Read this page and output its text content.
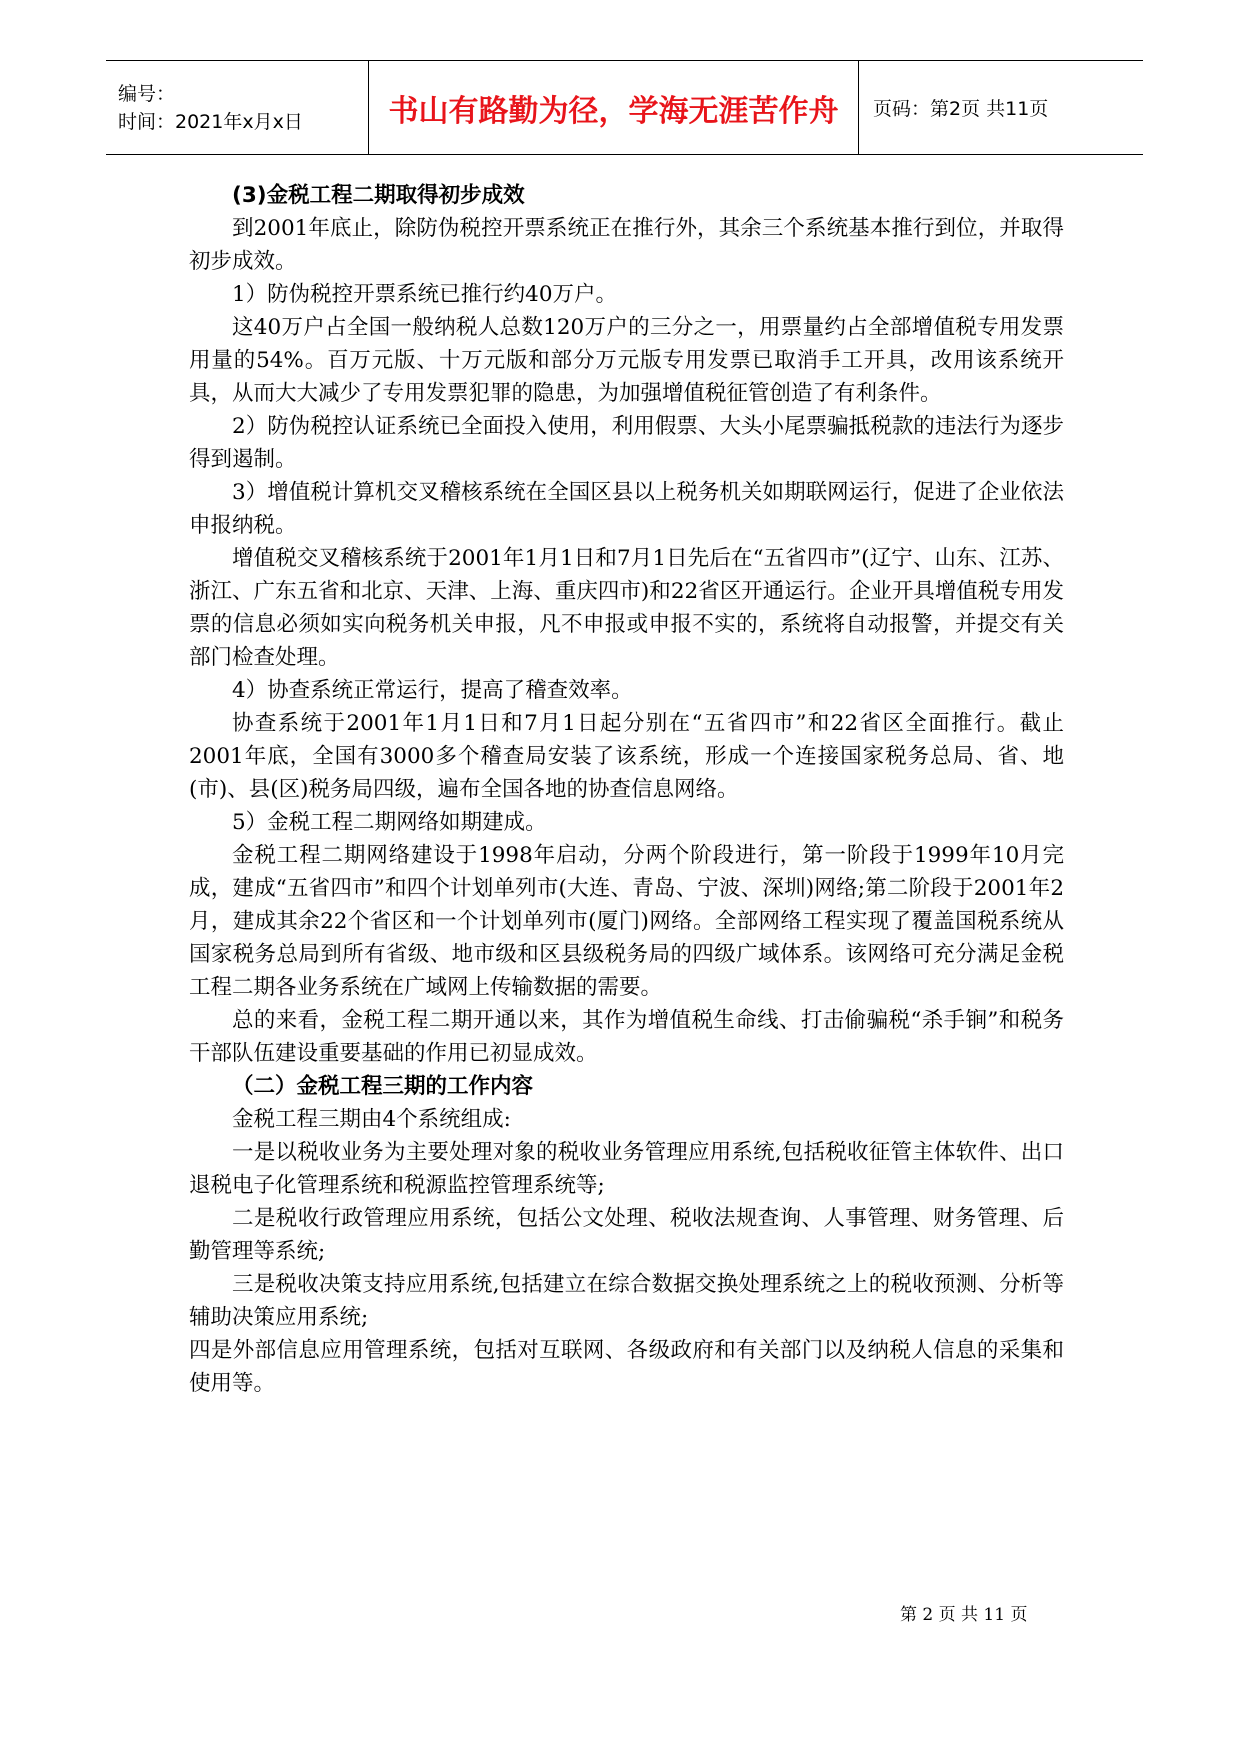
编号：
时间：2021年x月x日	书山有路勤为径，学海无涯苦作舟	页码：第2页 共11页

(3)金税工程二期取得初步成效

到2001年底止，除防伪税控开票系统正在推行外，其余三个系统基本推行到位，并取得初步成效。

1）防伪税控开票系统已推行约40万户。

这40万户占全国一般纳税人总数120万户的三分之一，用票量约占全部增值税专用发票用量的54%。百万元版、十万元版和部分万元版专用发票已取消手工开具，改用该系统开具，从而大大减少了专用发票犯罪的隐患，为加强增值税征管创造了有利条件。

2）防伪税控认证系统已全面投入使用，利用假票、大头小尾票骗抵税款的违法行为逐步得到遏制。

3）增值税计算机交叉稽核系统在全国区县以上税务机关如期联网运行，促进了企业依法申报纳税。

增值税交叉稽核系统于2001年1月1日和7月1日先后在“五省四市”(辽宁、山东、江苏、浙江、广东五省和北京、天津、上海、重庆四市)和22省区开通运行。企业开具增值税专用发票的信息必须如实向税务机关申报，凡不申报或申报不实的，系统将自动报警，并提交有关部门检查处理。

4）协查系统正常运行，提高了稽查效率。

协查系统于2001年1月1日和7月1日起分别在“五省四市”和22省区全面推行。截止2001年底，全国有3000多个稽查局安装了该系统，形成一个连接国家税务总局、省、地(市)、县(区)税务局四级，遍布全国各地的协查信息网络。

5）金税工程二期网络如期建成。

金税工程二期网络建设于1998年启动，分两个阶段进行，第一阶段于1999年10月完成，建成“五省四市”和四个计划单列市(大连、青岛、宁波、深圳)网络;第二阶段于2001年2月，建成其余22个省区和一个计划单列市(厦门)网络。全部网络工程实现了覆盖国税系统从国家税务总局到所有省级、地市级和区县级税务局的四级广域体系。该网络可充分满足金税工程二期各业务系统在广域网上传输数据的需要。

总的来看，金税工程二期开通以来，其作为增值税生命线、打击偷骗税“杀手锏”和税务干部队伍建设重要基础的作用已初显成效。

（二）金税工程三期的工作内容

金税工程三期由4个系统组成:

一是以税收业务为主要处理对象的税收业务管理应用系统,包括税收征管主体软件、出口退税电子化管理系统和税源监控管理系统等;

二是税收行政管理应用系统，包括公文处理、税收法规查询、人事管理、财务管理、后勤管理等系统;

三是税收决策支持应用系统,包括建立在综合数据交换处理系统之上的税收预测、分析等辅助决策应用系统;

四是外部信息应用管理系统，包括对互联网、各级政府和有关部门以及纳税人信息的采集和使用等。

第 2 页 共 11 页
